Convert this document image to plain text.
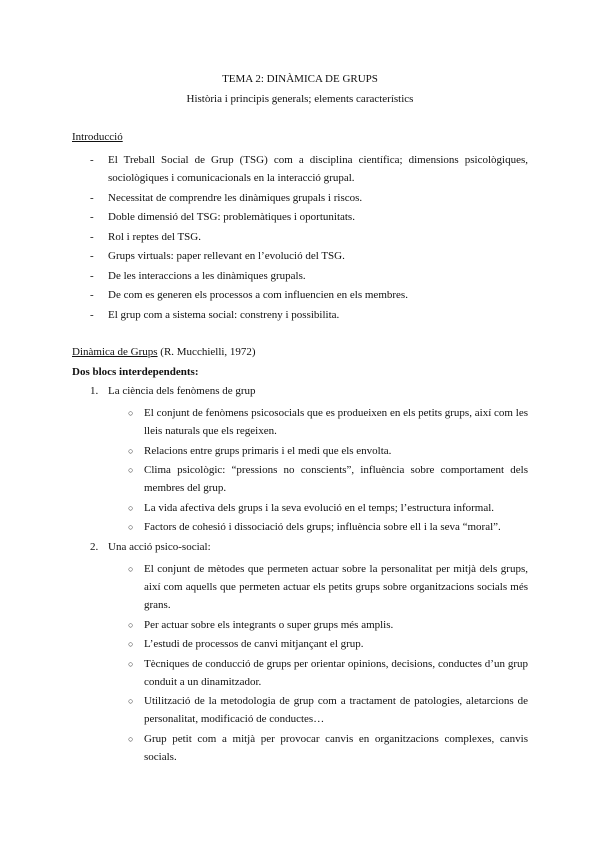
TEMA 2: DINÀMICA DE GRUPS
Història i principis generals; elements característics
Introducció
- El Treball Social de Grup (TSG) com a disciplina científica; dimensions psicològiques, sociològiques i comunicacionals en la interacció grupal.
- Necessitat de comprendre les dinàmiques grupals i riscos.
- Doble dimensió del TSG: problemàtiques i oportunitats.
- Rol i reptes del TSG.
- Grups virtuals: paper rellevant en l’evolució del TSG.
- De les interaccions a les dinàmiques grupals.
- De com es generen els processos a com influencien en els membres.
- El grup com a sistema social: constreny i possibilita.
Dinàmica de Grups (R. Mucchielli, 1972)
Dos blocs interdependents:
1. La ciència dels fenòmens de grup
○ El conjunt de fenòmens psicosocials que es produeixen en els petits grups, així com les lleis naturals que els regeixen.
○ Relacions entre grups primaris i el medi que els envolta.
○ Clima psicològic: “pressions no conscients”, influència sobre comportament dels membres del grup.
○ La vida afectiva dels grups i la seva evolució en el temps; l’estructura informal.
○ Factors de cohesió i dissociació dels grups; influència sobre ell i la seva “moral”.
2. Una acció psico-social:
○ El conjunt de mètodes que permeten actuar sobre la personalitat per mitjà dels grups, així com aquells que permeten actuar els petits grups sobre organitzacions socials més grans.
○ Per actuar sobre els integrants o super grups més amplis.
○ L’estudi de processos de canvi mitjançant el grup.
○ Tècniques de conducció de grups per orientar opinions, decisions, conductes d’un grup conduit a un dinamitzador.
○ Utilització de la metodologia de grup com a tractament de patologies, aletarcions de personalitat, modificació de conductes…
○ Grup petit com a mitjà per provocar canvis en organitzacions complexes, canvis socials.
